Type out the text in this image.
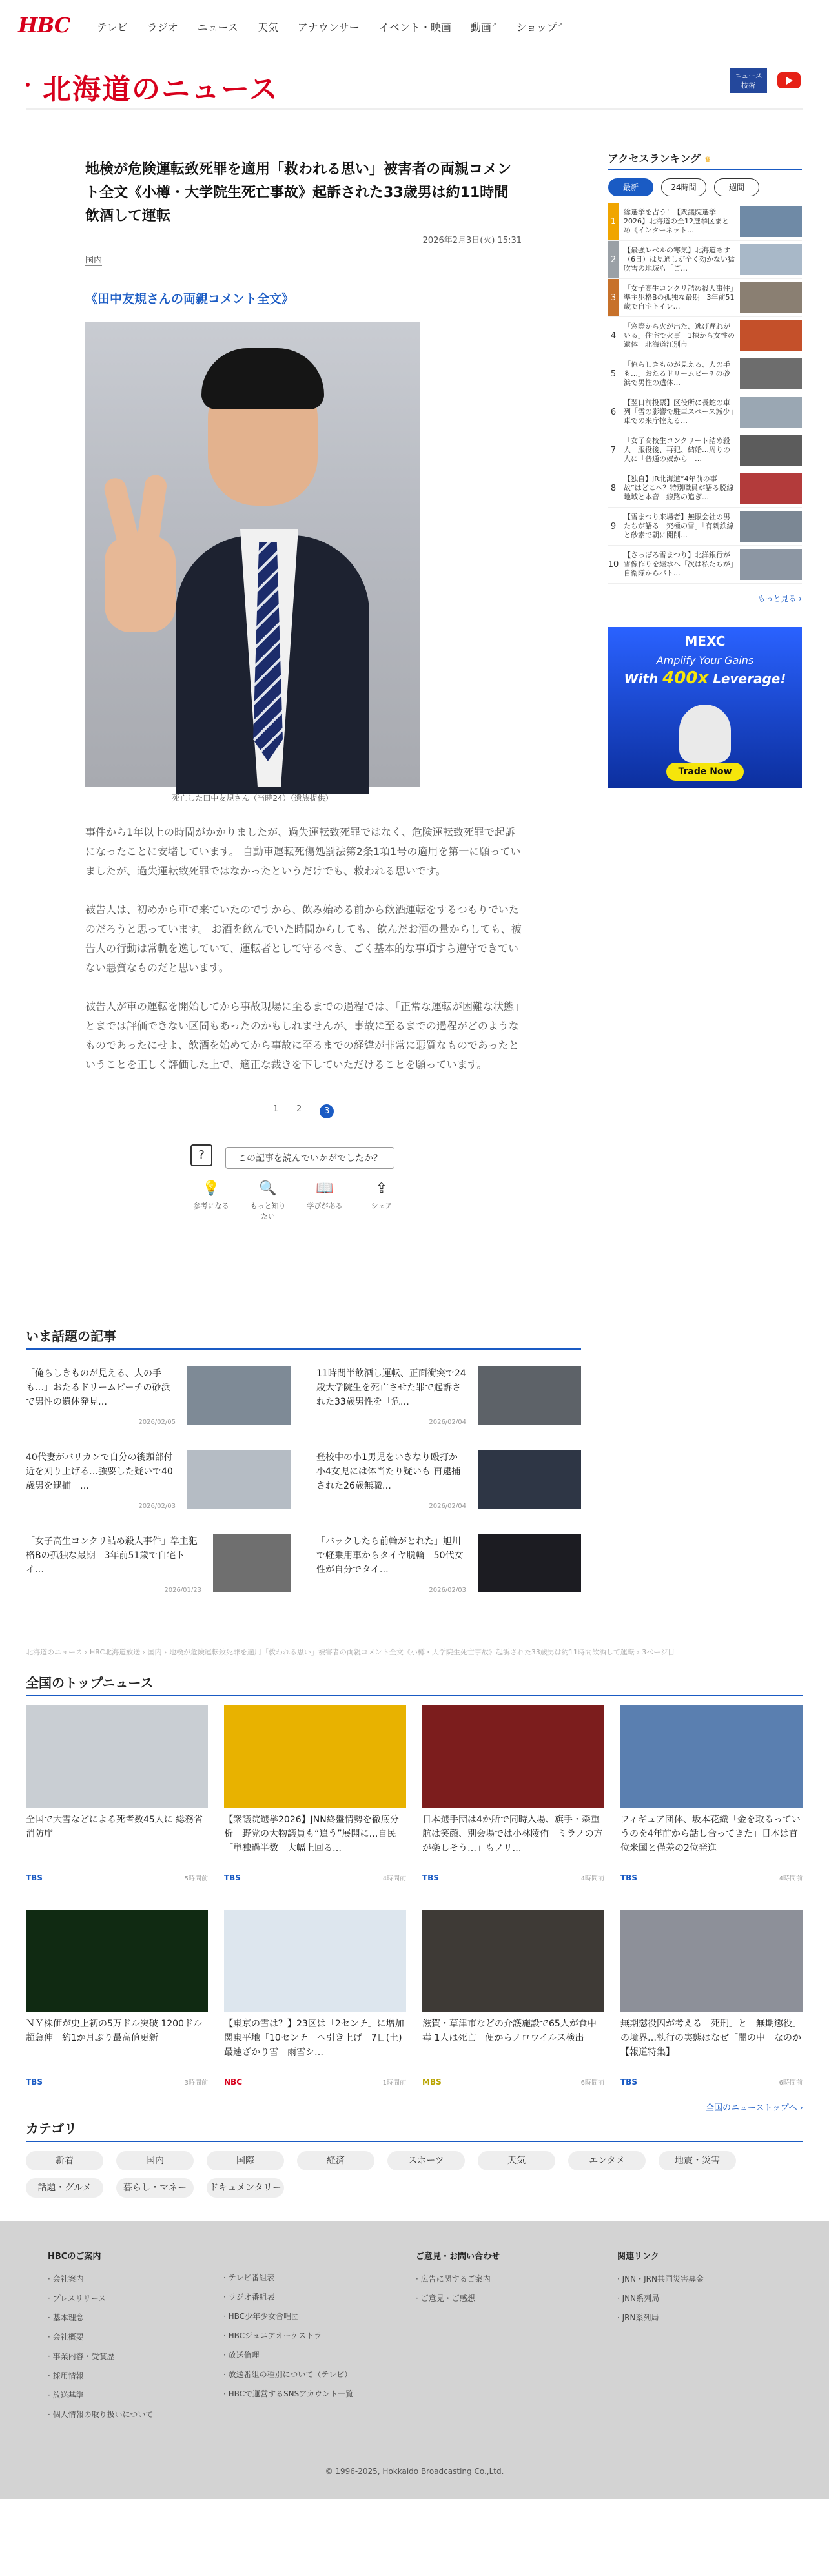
HBC	テレビ ラジオ ニュース 天気 アナウンサー イベント・映画 動画↗ ショップ↗
北海道のニュース	ニュース
技術
地検が危険運転致死罪を適用「救われる思い」被害者の両親コメント全文《小樽・大学院生死亡事故》起訴された33歳男は約11時間飲酒して運転
2026年2月3日(火) 15:31
国内
《田中友規さんの両親コメント全文》
死亡した田中友規さん（当時24）（遺族提供）

事件から1年以上の時間がかかりましたが、過失運転致死罪ではなく、危険運転致死罪で起訴になったことに安堵しています。 自動車運転死傷処罰法第2条1項1号の適用を第一に願っていましたが、過失運転致死罪ではなかったというだけでも、救われる思いです。

被告人は、初めから車で来ていたのですから、飲み始める前から飲酒運転をするつもりでいたのだろうと思っています。 お酒を飲んでいた時間からしても、飲んだお酒の量からしても、被告人の行動は常軌を逸していて、運転者として守るべき、ごく基本的な事項すら遵守できていない悪質なものだと思います。

被告人が車の運転を開始してから事故現場に至るまでの過程では、「正常な運転が困難な状態」とまでは評価できない区間もあったのかもしれませんが、事故に至るまでの過程がどのようなものであったにせよ、飲酒を始めてから事故に至るまでの経緯が非常に悪質なものであったということを正しく評価した上で、適正な裁きを下していただけることを願っています。

1 2	3
?	この記事を読んでいかがでしたか？
💡
参考になる
🔍
もっと知りたい
📖
学びがある
⇪
シェア
アクセスランキング ♛
最新	24時間	週間
1
総選挙を占う！【衆議院選挙2026】北海道の全12選挙区まとめ《インターネット…
2
【最強レベルの寒気】北海道あす（6日）は見通しが全く効かない猛吹雪の地域も「ご…
3
「女子高生コンクリ詰め殺人事件」準主犯格Bの孤独な最期　3年前51歳で自宅トイレ…
4
「窓際から火が出た、逃げ遅れがいる」住宅で火事　1棟から女性の遺体　北海道江別市
5
「俺らしきものが見える、人の手も…」おたるドリームビーチの砂浜で男性の遺体…
6
【翌日前投票】区役所に長蛇の車列「雪の影響で駐車スペース減少」車での来庁控える…
7
「女子高校生コンクリート詰め殺人」服役後、再犯、結婚…周りの人に「普通の奴から」…
8
【独自】JR北海道“4年前の事故”はどこへ？特別職員が語る脱線地域と本音　線路の追ぎ…
9
【雪まつり来場者】無限会社の男たちが語る「究極の雪」「有刺鉄線と砂素で朝に開削…
10
【さっぽろ雪まつり】北洋銀行が雪像作りを継承へ「次は私たちが」自衛隊からバト…
もっと見る ›
MEXC
Amplify Your Gains
With 400x Leverage!
Trade Now
いま話題の記事
「俺らしきものが見える、人の手も…」おたるドリームビーチの砂浜で男性の遺体発見…
2026/02/05
11時間半飲酒し運転、正面衝突で24歳大学院生を死亡させた罪で起訴された33歳男性を「危…
2026/02/04
40代妻がバリカンで自分の後頭部付近を刈り上げる…強要した疑いで40歳男を逮捕　…
2026/02/03
登校中の小1男児をいきなり殴打か 小4女児には体当たり疑いも 再逮捕された26歳無職…
2026/02/04
「女子高生コンクリ詰め殺人事件」準主犯格Bの孤独な最期　3年前51歳で自宅トイ…
2026/01/23
「バックしたら前輪がとれた」旭川で軽乗用車からタイヤ脱輪　50代女性が自分でタイ…
2026/02/03
北海道のニュース › HBC北海道放送 › 国内 › 地検が危険運転致死罪を適用「救われる思い」被害者の両親コメント全文《小樽・大学院生死亡事故》起訴された33歳男は約11時間飲酒して運転 › 3ページ目
全国のトップニュース
全国で大雪などによる死者数45人に 総務省消防庁
TBS	5時間前
【衆議院選挙2026】JNN終盤情勢を徹底分析　野党の大物議員も“追う”展開に…自民「単独過半数」大幅上回る…
TBS	4時間前
日本選手団は4か所で同時入場、旗手・森重航は笑顔、別会場では小林陵侑「ミラノの方が楽しそう…」もノリ…
TBS	4時間前
フィギュア団体、坂本花織「金を取るっていうのを4年前から話し合ってきた」日本は首位米国と僅差の2位発進
TBS	4時間前
ＮＹ株価が史上初の5万ドル突破 1200ドル超急伸　約1か月ぶり最高値更新
TBS	3時間前
【東京の雪は？】23区は「2センチ」に増加　関東平地「10センチ」へ引き上げ　7日(土)最速ざかり雪　雨雪シ…
NBC	1時間前
滋賀・草津市などの介護施設で65人が食中毒 1人は死亡　便からノロウイルス検出
MBS	6時間前
無期懲役囚が考える「死刑」と「無期懲役」の境界…執行の実態はなぜ「闇の中」なのか【報道特集】
TBS	6時間前
全国のニューストップへ ›
カテゴリ
新着	国内	国際	経済	スポーツ	天気	エンタメ	地震・災害
話題・グルメ	暮らし・マネー	ドキュメンタリー
HBCのご案内
· 会社案内
· プレスリリース
· 基本理念
· 会社概要
· 事業内容・受賞歴
· 採用情報
· 放送基準
· 個人情報の取り扱いについて
· テレビ番組表
· ラジオ番組表
· HBC少年少女合唱団
· HBCジュニアオーケストラ
· 放送倫理
· 放送番組の種別について（テレビ）
· HBCで運営するSNSアカウント一覧
ご意見・お問い合わせ
· 広告に関するご案内
· ご意見・ご感想
関連リンク
· JNN・JRN共同災害募金
· JNN系列局
· JRN系列局
© 1996-2025, Hokkaido Broadcasting Co.,Ltd.
